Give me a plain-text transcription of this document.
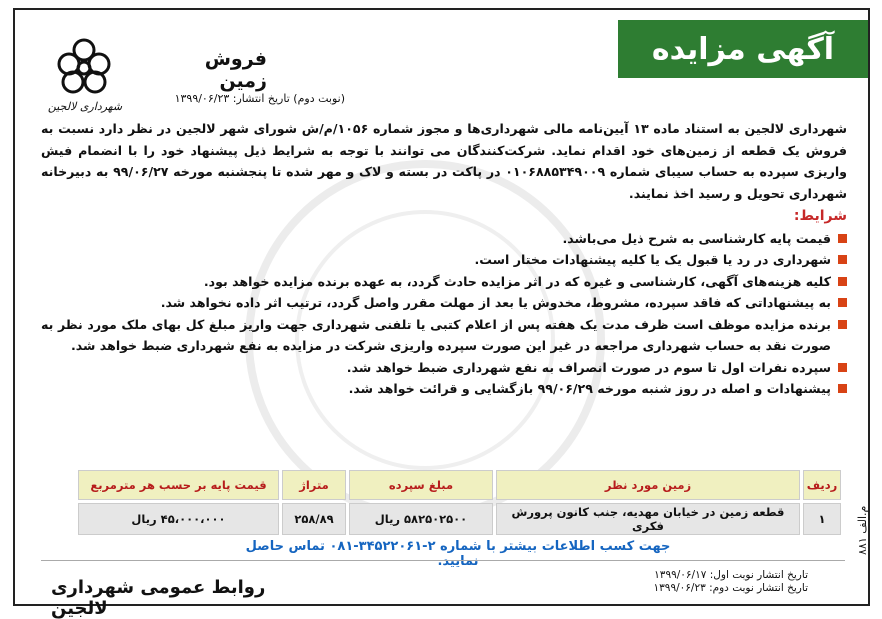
آگهی مزایده
شهرداری لالجین
فروش زمین
(نوبت دوم) تاریخ انتشار: ۱۳۹۹/۰۶/۲۳
شهرداری لالجین به استناد ماده ۱۳ آیین‌نامه مالی شهرداری‌ها و مجوز شماره ۱۰۵۶/م/ش شورای شهر لالجین در نظر دارد نسبت به فروش یک قطعه از زمین‌های خود اقدام نماید. شرکت‌کنندگان می توانند با توجه به شرایط ذیل پیشنهاد خود را با انضمام فیش واریزی سپرده به حساب سیبای شماره ۰۱۰۶۸۸۵۳۴۹۰۰۹ در پاکت در بسته و لاک و مهر شده تا پنجشنبه مورخه ۹۹/۰۶/۲۷ به دبیرخانه شهرداری تحویل و رسید اخذ نمایند.
شرایط:
قیمت پایه کارشناسی به شرح ذیل می‌باشد.
شهرداری در رد یا قبول یک یا کلیه پیشنهادات مختار است.
کلیه هزینه‌های آگهی، کارشناسی و غیره که در اثر مزایده حادث گردد، به عهده برنده مزایده خواهد بود.
به پیشنهاداتی که فاقد سپرده، مشروط، مخدوش یا بعد از مهلت مقرر واصل گردد، ترتیب اثر داده نخواهد شد.
برنده مزایده موظف است ظرف مدت یک هفته پس از اعلام کتبی یا تلفنی شهرداری جهت واریز مبلغ کل بهای ملک مورد نظر به صورت نقد به حساب شهرداری مراجعه در غیر این صورت سپرده واریزی شرکت در مزایده به نفع شهرداری ضبط خواهد شد.
سپرده نفرات اول تا سوم در صورت انصراف به نفع شهرداری ضبط خواهد شد.
پیشنهادات و اصله در روز شنبه مورخه ۹۹/۰۶/۲۹ بازگشایی و قرائت خواهد شد.
ردیف	زمین مورد نظر	مبلغ سپرده	متراژ	قیمت پایه بر حسب هر مترمربع
۱	قطعه زمین در خیابان مهدیه، جنب کانون پرورش فکری	۵۸۲۵۰۲۵۰۰ ریال	۲۵۸/۸۹	۴۵،۰۰۰،۰۰۰ ریال
م.الف ۸۸۱
جهت کسب اطلاعات بیشتر با شماره ۲-۳۴۵۲۲۰۶۱-۰۸۱ تماس حاصل نمایید.
تاریخ انتشار نوبت اول: ۱۳۹۹/۰۶/۱۷
تاریخ انتشار نوبت دوم: ۱۳۹۹/۰۶/۲۳
روابط عمومی شهرداری لالجین
